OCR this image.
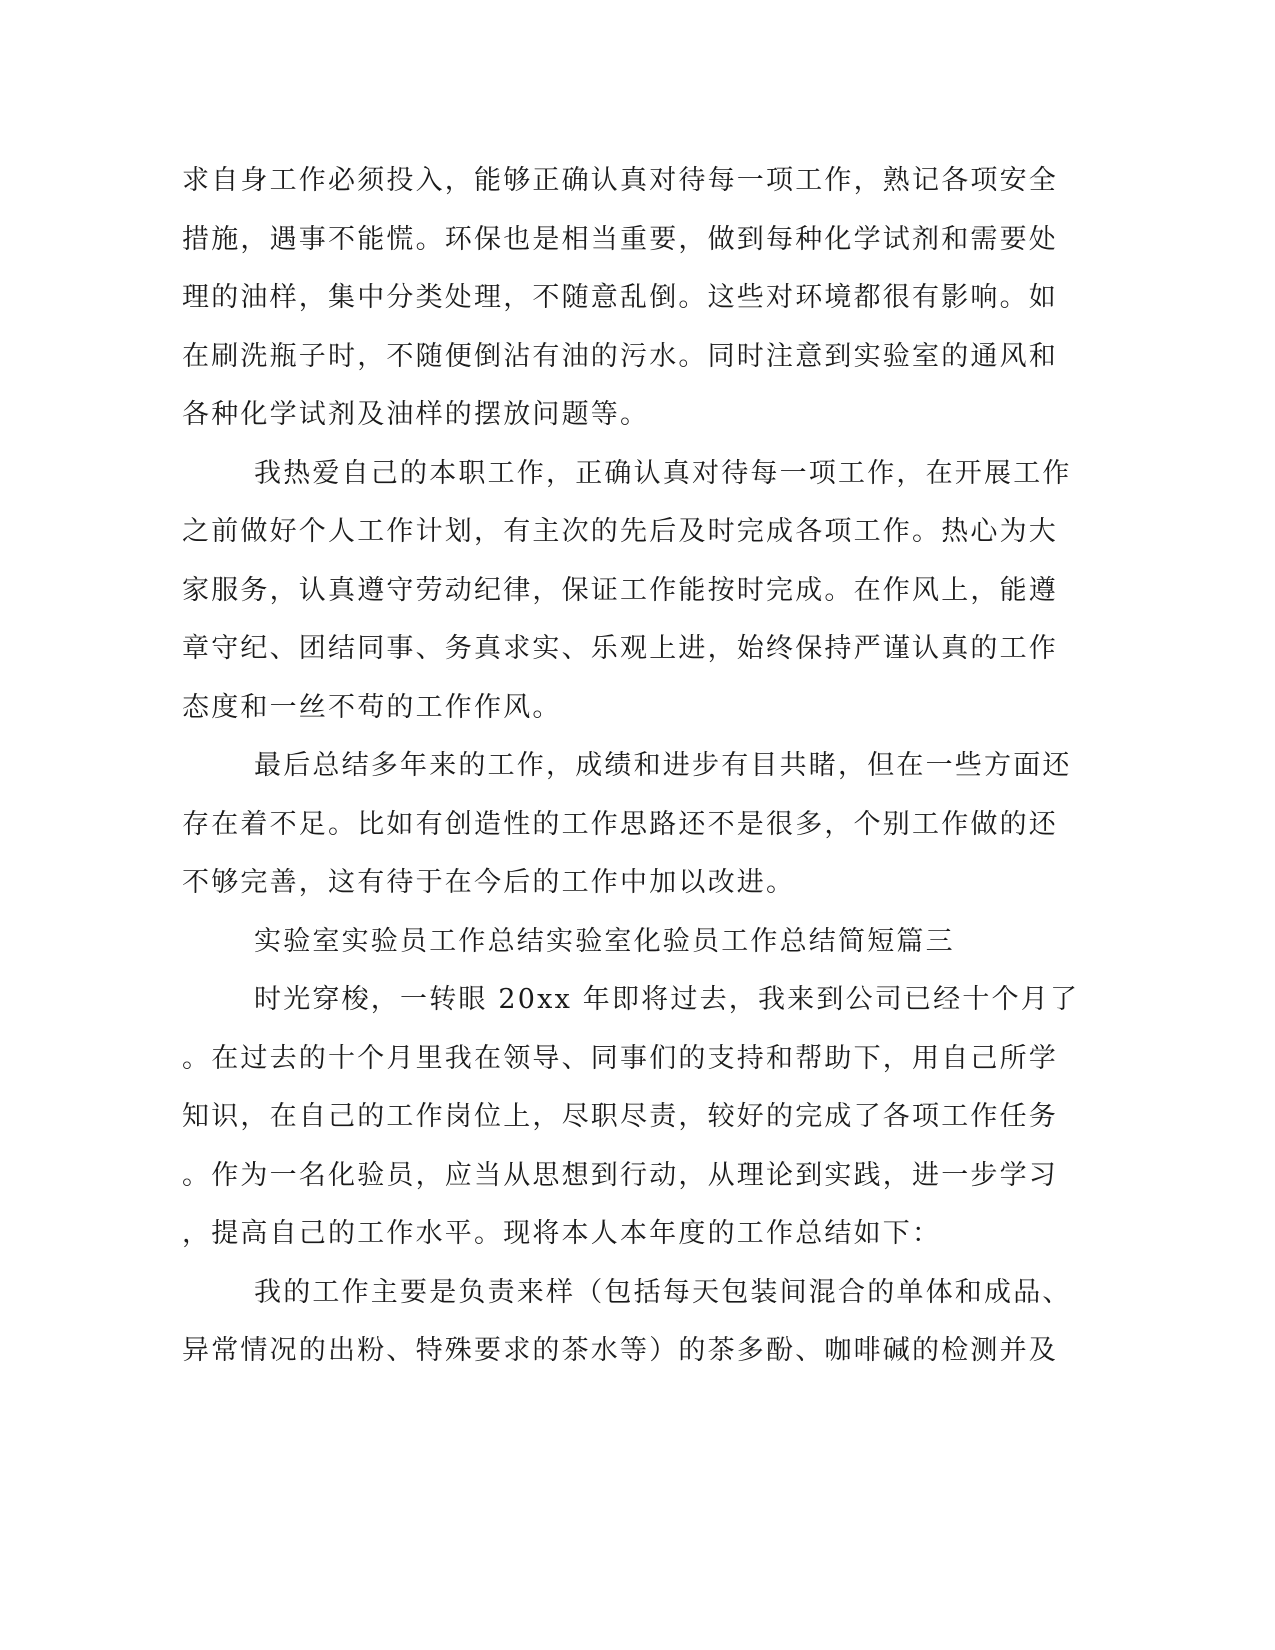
求自身工作必须投入，能够正确认真对待每一项工作，熟记各项安全
措施，遇事不能慌。环保也是相当重要，做到每种化学试剂和需要处
理的油样，集中分类处理，不随意乱倒。这些对环境都很有影响。如
在刷洗瓶子时，不随便倒沾有油的污水。同时注意到实验室的通风和
各种化学试剂及油样的摆放问题等。
我热爱自己的本职工作，正确认真对待每一项工作，在开展工作
之前做好个人工作计划，有主次的先后及时完成各项工作。热心为大
家服务，认真遵守劳动纪律，保证工作能按时完成。在作风上，能遵
章守纪、团结同事、务真求实、乐观上进，始终保持严谨认真的工作
态度和一丝不苟的工作作风。
最后总结多年来的工作，成绩和进步有目共睹，但在一些方面还
存在着不足。比如有创造性的工作思路还不是很多，个别工作做的还
不够完善，这有待于在今后的工作中加以改进。
实验室实验员工作总结实验室化验员工作总结简短篇三
时光穿梭，一转眼 20xx 年即将过去，我来到公司已经十个月了
。在过去的十个月里我在领导、同事们的支持和帮助下，用自己所学
知识，在自己的工作岗位上，尽职尽责，较好的完成了各项工作任务
。作为一名化验员，应当从思想到行动，从理论到实践，进一步学习
，提高自己的工作水平。现将本人本年度的工作总结如下：
我的工作主要是负责来样（包括每天包装间混合的单体和成品、
异常情况的出粉、特殊要求的茶水等）的茶多酚、咖啡碱的检测并及
